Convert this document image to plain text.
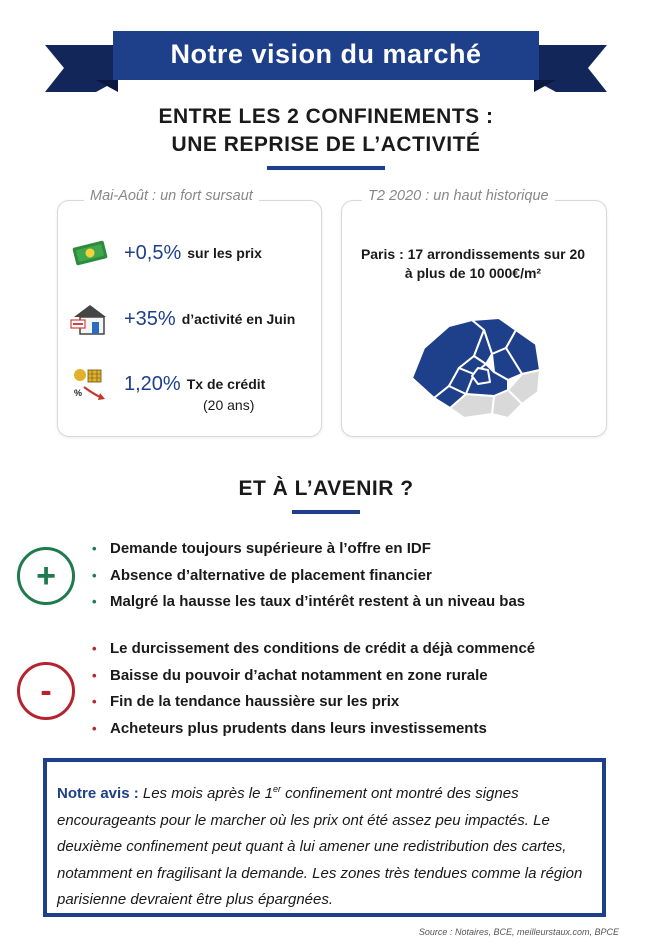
Notre vision du marché
ENTRE LES 2 CONFINEMENTS :
UNE REPRISE DE L’ACTIVITÉ
Mai-Août : un fort sursaut
+0,5% sur les prix
+35% d’activité en Juin
% 1,20% Tx de crédit
(20 ans)
T2 2020 : un haut historique
Paris : 17 arrondissements sur 20
à plus de 10 000€/m²
ET À L’AVENIR ?
+
• Demande toujours supérieure à l’offre en IDF
• Absence d’alternative de placement financier
• Malgré la hausse les taux d’intérêt restent à un niveau bas
-
• Le durcissement des conditions de crédit a déjà commencé
• Baisse du pouvoir d’achat notamment en zone rurale
• Fin de la tendance haussière sur les prix
• Acheteurs plus prudents dans leurs investissements
Notre avis : Les mois après le 1er confinement ont montré des signes encourageants pour le marcher où les prix ont été assez peu impactés. Le deuxième confinement peut quant à lui amener une redistribution des cartes, notamment en fragilisant la demande. Les zones très tendues comme la région parisienne devraient être plus épargnées.
Source : Notaires, BCE, meilleurstaux.com, BPCE
